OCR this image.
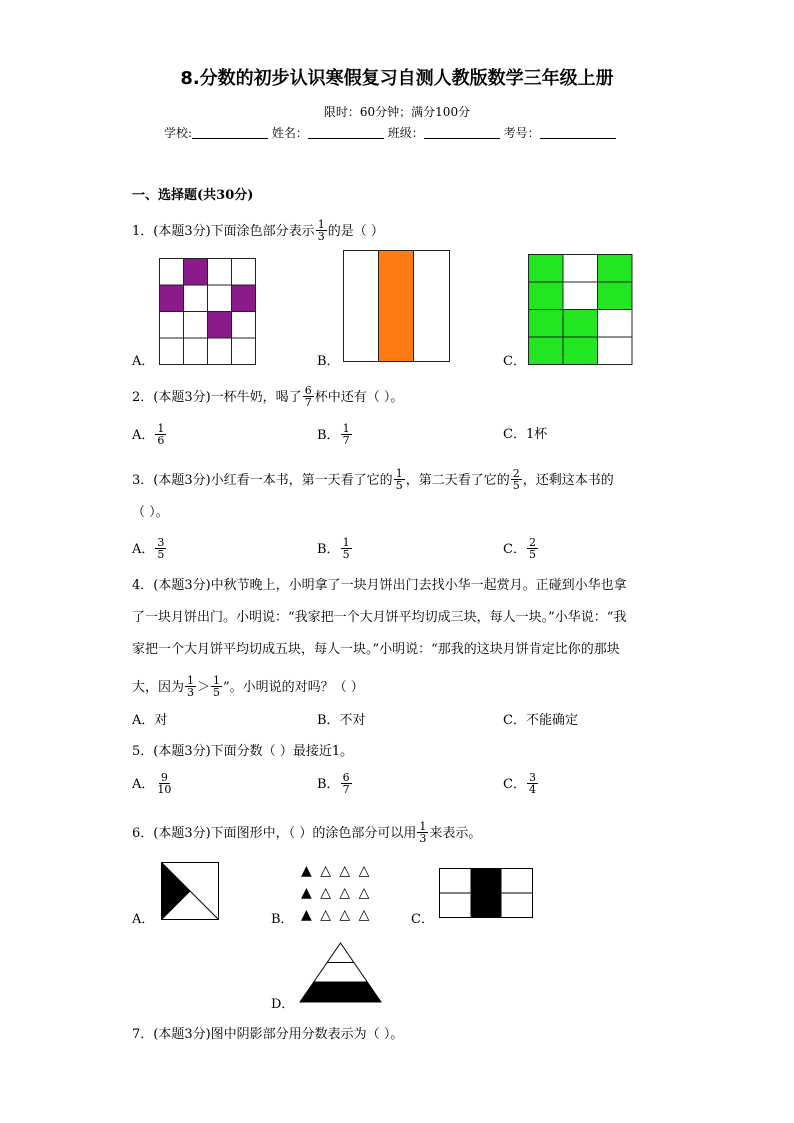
8.分数的初步认识寒假复习自测人教版数学三年级上册
限时：60分钟；满分100分
学校:	姓名：	班级：	考号：
一、选择题(共30分)
1．(本题3分)下面涂色部分表示 $\frac{1}{3}$ 的是（ ）
A．	B．	C．
2．(本题3分)一杯牛奶，喝了 $\frac{6}{7}$ 杯中还有（ ）。
A． $\frac{1}{6}$	B． $\frac{1}{7}$	C．1杯
3．(本题3分)小红看一本书，第一天看了它的 $\frac{1}{5}$ ，第二天看了它的 $\frac{2}{5}$ ，还剩这本书的
（ ）。
A． $\frac{3}{5}$	B． $\frac{1}{5}$	C． $\frac{2}{5}$
4．(本题3分)中秋节晚上，小明拿了一块月饼出门去找小华一起赏月。正碰到小华也拿
了一块月饼出门。小明说：“我家把一个大月饼平均切成三块，每人一块。”小华说：“我
家把一个大月饼平均切成五块，每人一块。”小明说：“那我的这块月饼肯定比你的那块
大，因为 $\frac{1}{3} > \frac{1}{5}$ ”。小明说的对吗？（ ）
A．对	B．不对	C．不能确定
5．(本题3分)下面分数（ ）最接近1。
A． $\frac{9}{10}$	B． $\frac{6}{7}$	C． $\frac{3}{4}$
6．(本题3分)下面图形中，（ ）的涂色部分可以用 $\frac{1}{3}$ 来表示。
A．
▲ △ △ △
▲ △ △ △
▲ △ △ △
B．	C．
D．
7．(本题3分)图中阴影部分用分数表示为（ ）。
